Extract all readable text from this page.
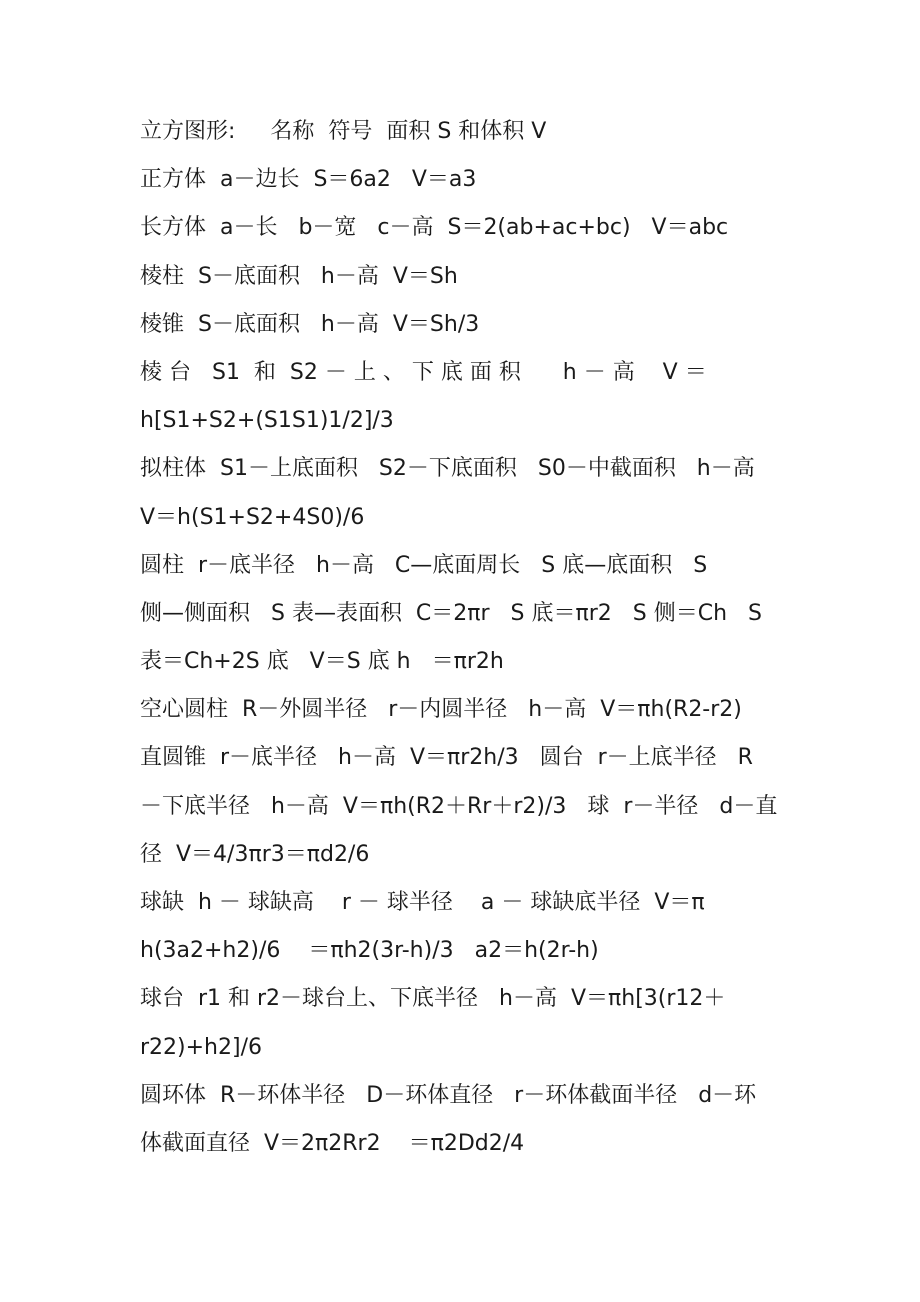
立方图形:     名称  符号  面积 S 和体积 V
正方体  a－边长  S＝6a2   V＝a3
长方体  a－长   b－宽   c－高  S＝2(ab+ac+bc)   V＝abc
棱柱  S－底面积   h－高  V＝Sh
棱锥  S－底面积   h－高  V＝Sh/3
棱 台   S1  和  S2 － 上 、 下 底 面 积      h － 高    V ＝
h[S1+S2+(S1S1)1/2]/3
拟柱体  S1－上底面积   S2－下底面积   S0－中截面积   h－高
V＝h(S1+S2+4S0)/6
圆柱  r－底半径   h－高   C—底面周长   S 底—底面积   S
侧—侧面积   S 表—表面积  C＝2πr   S 底＝πr2   S 侧＝Ch   S
表＝Ch+2S 底   V＝S 底 h   ＝πr2h
空心圆柱  R－外圆半径   r－内圆半径   h－高  V＝πh(R2-r2)
直圆锥  r－底半径   h－高  V＝πr2h/3   圆台  r－上底半径   R
－下底半径   h－高  V＝πh(R2＋Rr＋r2)/3   球  r－半径   d－直
径  V＝4/3πr3＝πd2/6
球缺  h － 球缺高    r － 球半径    a － 球缺底半径  V＝π
h(3a2+h2)/6    ＝πh2(3r-h)/3   a2＝h(2r-h)
球台  r1 和 r2－球台上、下底半径   h－高  V＝πh[3(r12＋
r22)+h2]/6
圆环体  R－环体半径   D－环体直径   r－环体截面半径   d－环
体截面直径  V＝2π2Rr2    ＝π2Dd2/4
